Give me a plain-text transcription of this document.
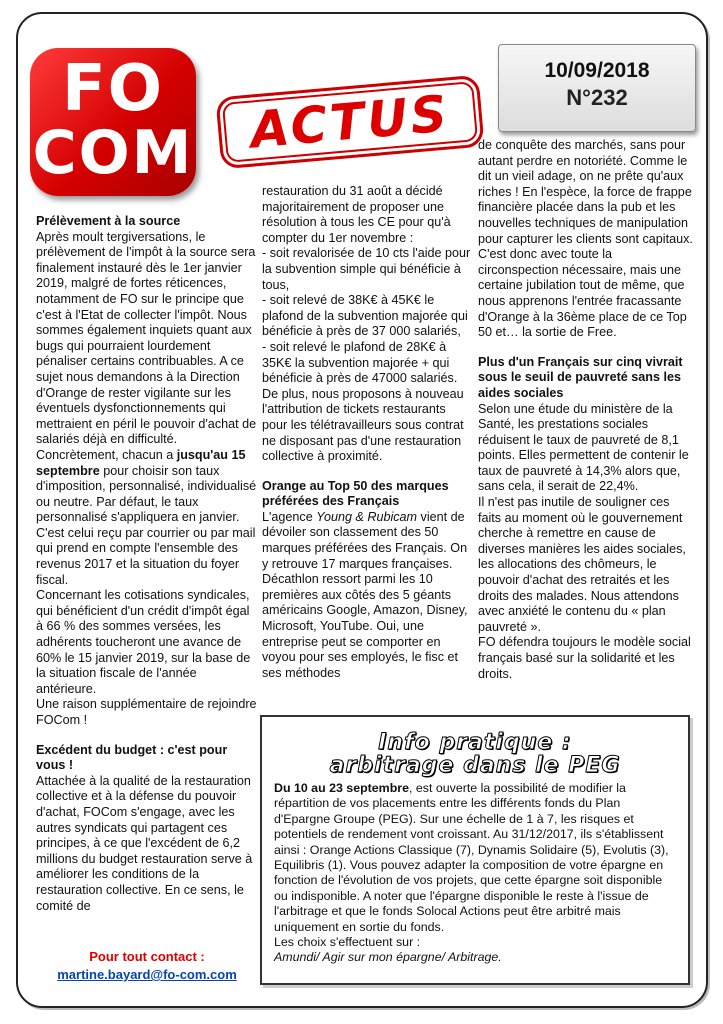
FO
COM	ACTUS
10/09/2018
N°232
Prélèvement à la source

Après moult tergiversations, le prélèvement de l'impôt à la source sera finalement instauré dès le 1er janvier 2019, malgré de fortes réticences, notamment de FO sur le principe que c'est à l'Etat de collecter l'impôt. Nous sommes également inquiets quant aux bugs qui pourraient lourdement pénaliser certains contribuables. A ce sujet nous demandons à la Direction d'Orange de rester vigilante sur les éventuels dysfonctionnements qui mettraient en péril le pouvoir d'achat de salariés déjà en difficulté.

Concrètement, chacun a jusqu'au 15 septembre pour choisir son taux d'imposition, personnalisé, individualisé ou neutre. Par défaut, le taux personnalisé s'appliquera en janvier. C'est celui reçu par courrier ou par mail qui prend en compte l'ensemble des revenus 2017 et la situation du foyer fiscal.

Concernant les cotisations syndicales, qui bénéficient d'un crédit d'impôt égal à 66 % des sommes versées, les adhérents toucheront une avance de 60% le 15 janvier 2019, sur la base de la situation fiscale de l'année antérieure.

Une raison supplémentaire de rejoindre FOCom !

Excédent du budget : c'est pour vous !

Attachée à la qualité de la restauration collective et à la défense du pouvoir d'achat, FOCom s'engage, avec les autres syndicats qui partagent ces principes, à ce que l'excédent de 6,2 millions du budget restauration serve à améliorer les conditions de la restauration collective. En ce sens, le comité de

restauration du 31 août a décidé majoritairement de proposer une résolution à tous les CE pour qu'à compter du 1er novembre :

- soit revalorisée de 10 cts l'aide pour la subvention simple qui bénéficie à tous,

- soit relevé de 38K€ à 45K€ le plafond de la subvention majorée qui bénéficie à près de 37 000 salariés,

- soit relevé le plafond de 28K€ à 35K€ la subvention majorée + qui bénéficie à près de 47000 salariés.

De plus, nous proposons à nouveau l'attribution de tickets restaurants pour les télétravailleurs sous contrat ne disposant pas d'une restauration collective à proximité.

Orange au Top 50 des marques préférées des Français

L'agence Young & Rubicam vient de dévoiler son classement des 50 marques préférées des Français. On y retrouve 17 marques françaises. Décathlon ressort parmi les 10 premières aux côtés des 5 géants américains Google, Amazon, Disney, Microsoft, YouTube. Oui, une entreprise peut se comporter en voyou pour ses employés, le fisc et ses méthodes

de conquête des marchés, sans pour autant perdre en notoriété. Comme le dit un vieil adage, on ne prête qu'aux riches ! En l'espèce, la force de frappe financière placée dans la pub et les nouvelles techniques de manipulation pour capturer les clients sont capitaux.

C'est donc avec toute la circonspection nécessaire, mais une certaine jubilation tout de même, que nous apprenons l'entrée fracassante d'Orange à la 36ème place de ce Top 50 et… la sortie de Free.

Plus d'un Français sur cinq vivrait sous le seuil de pauvreté sans les aides sociales

Selon une étude du ministère de la Santé, les prestations sociales réduisent le taux de pauvreté de 8,1 points. Elles permettent de contenir le taux de pauvreté à 14,3% alors que, sans cela, il serait de 22,4%.

Il n'est pas inutile de souligner ces faits au moment où le gouvernement cherche à remettre en cause de diverses manières les aides sociales, les allocations des chômeurs, le pouvoir d'achat des retraités et les droits des malades. Nous attendons avec anxiété le contenu du « plan pauvreté ».

FO défendra toujours le modèle social français basé sur la solidarité et les droits.

Info pratique :
arbitrage dans le PEG

Du 10 au 23 septembre, est ouverte la possibilité de modifier la répartition de vos placements entre les différents fonds du Plan d'Epargne Groupe (PEG). Sur une échelle de 1 à 7, les risques et potentiels de rendement vont croissant. Au 31/12/2017, ils s'établissent ainsi : Orange Actions Classique (7), Dynamis Solidaire (5), Evolutis (3), Equilibris (1). Vous pouvez adapter la composition de votre épargne en fonction de l'évolution de vos projets, que cette épargne soit disponible ou indisponible. A noter que l'épargne disponible le reste à l'issue de l'arbitrage et que le fonds Solocal Actions peut être arbitré mais uniquement en sortie du fonds.

Les choix s'effectuent sur :

Amundi/ Agir sur mon épargne/ Arbitrage.

Pour tout contact :
martine.bayard@fo-com.com
